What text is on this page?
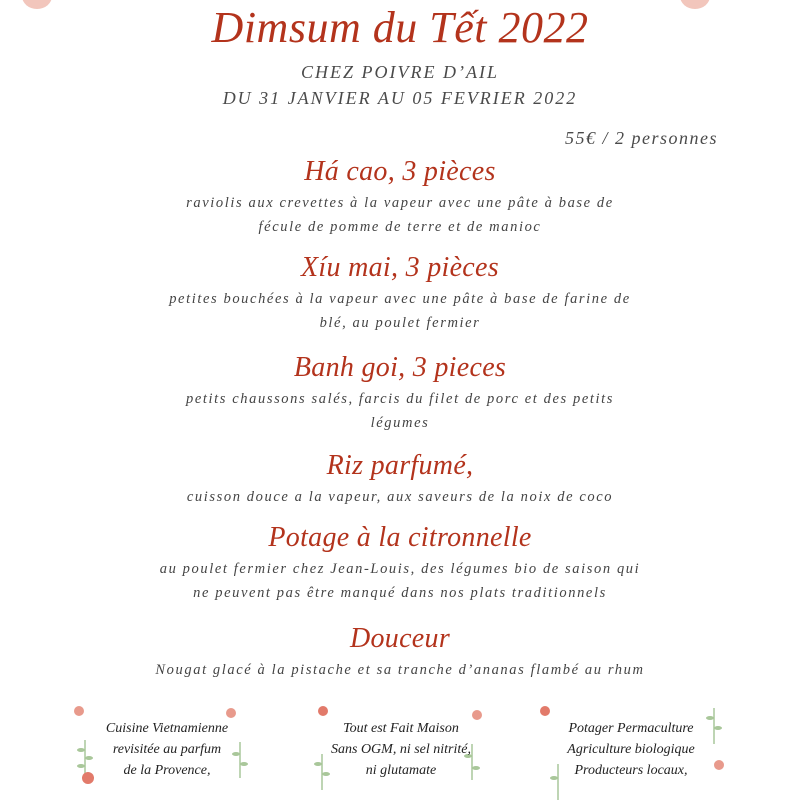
Dimsum du Tết 2022
CHEZ POIVRE D’AIL
DU 31 JANVIER AU 05 FEVRIER 2022
55€ / 2 personnes
Há cao, 3 pièces
raviolis aux crevettes à la vapeur avec une pâte à base de
fécule de pomme de terre et de manioc
Xíu mai, 3 pièces
petites bouchées à la vapeur avec une pâte à base de farine de
blé, au poulet fermier
Banh goi, 3 pieces
petits chaussons salés, farcis du filet de porc et des petits
légumes
Riz parfumé,
cuisson douce a la vapeur, aux saveurs de la noix de coco
Potage à la citronnelle
au poulet fermier chez Jean-Louis, des légumes bio de saison qui
ne peuvent pas être manqué dans nos plats traditionnels
Douceur
Nougat glacé à la pistache et sa tranche d’ananas flambé au rhum
Cuisine Vietnamienne
revisitée au parfum
de la Provence,
Tout est Fait Maison
Sans OGM, ni sel nitrité,
ni glutamate
Potager Permaculture
Agriculture biologique
Producteurs locaux,
